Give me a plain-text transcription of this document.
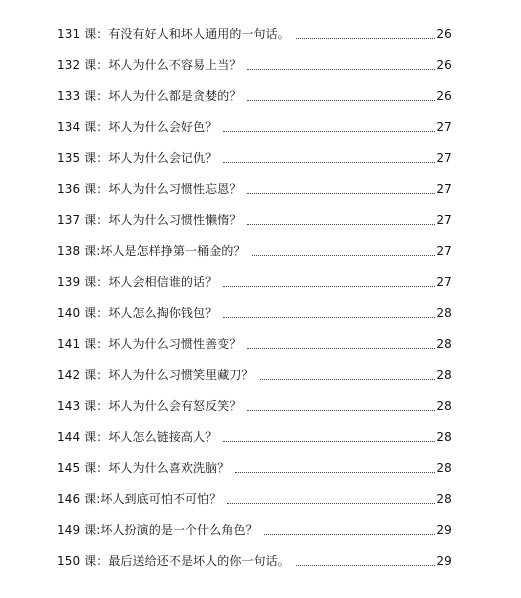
131 课：有没有好人和坏人通用的一句话。	26
132 课：坏人为什么不容易上当？	26
133 课：坏人为什么都是贪婪的？	26
134 课：坏人为什么会好色？	27
135 课：坏人为什么会记仇？	27
136 课：坏人为什么习惯性忘恩？	27
137 课：坏人为什么习惯性懒惰？	27
138 课:坏人是怎样挣第一桶金的？	27
139 课：坏人会相信谁的话？	27
140 课：坏人怎么掏你钱包？	28
141 课：坏人为什么习惯性善变？	28
142 课：坏人为什么习惯笑里藏刀？	28
143 课：坏人为什么会有怒反笑？	28
144 课：坏人怎么链接高人？	28
145 课：坏人为什么喜欢洗脑？	28
146 课:坏人到底可怕不可怕？	28
149 课:坏人扮演的是一个什么角色？	29
150 课：最后送给还不是坏人的你一句话。	29
